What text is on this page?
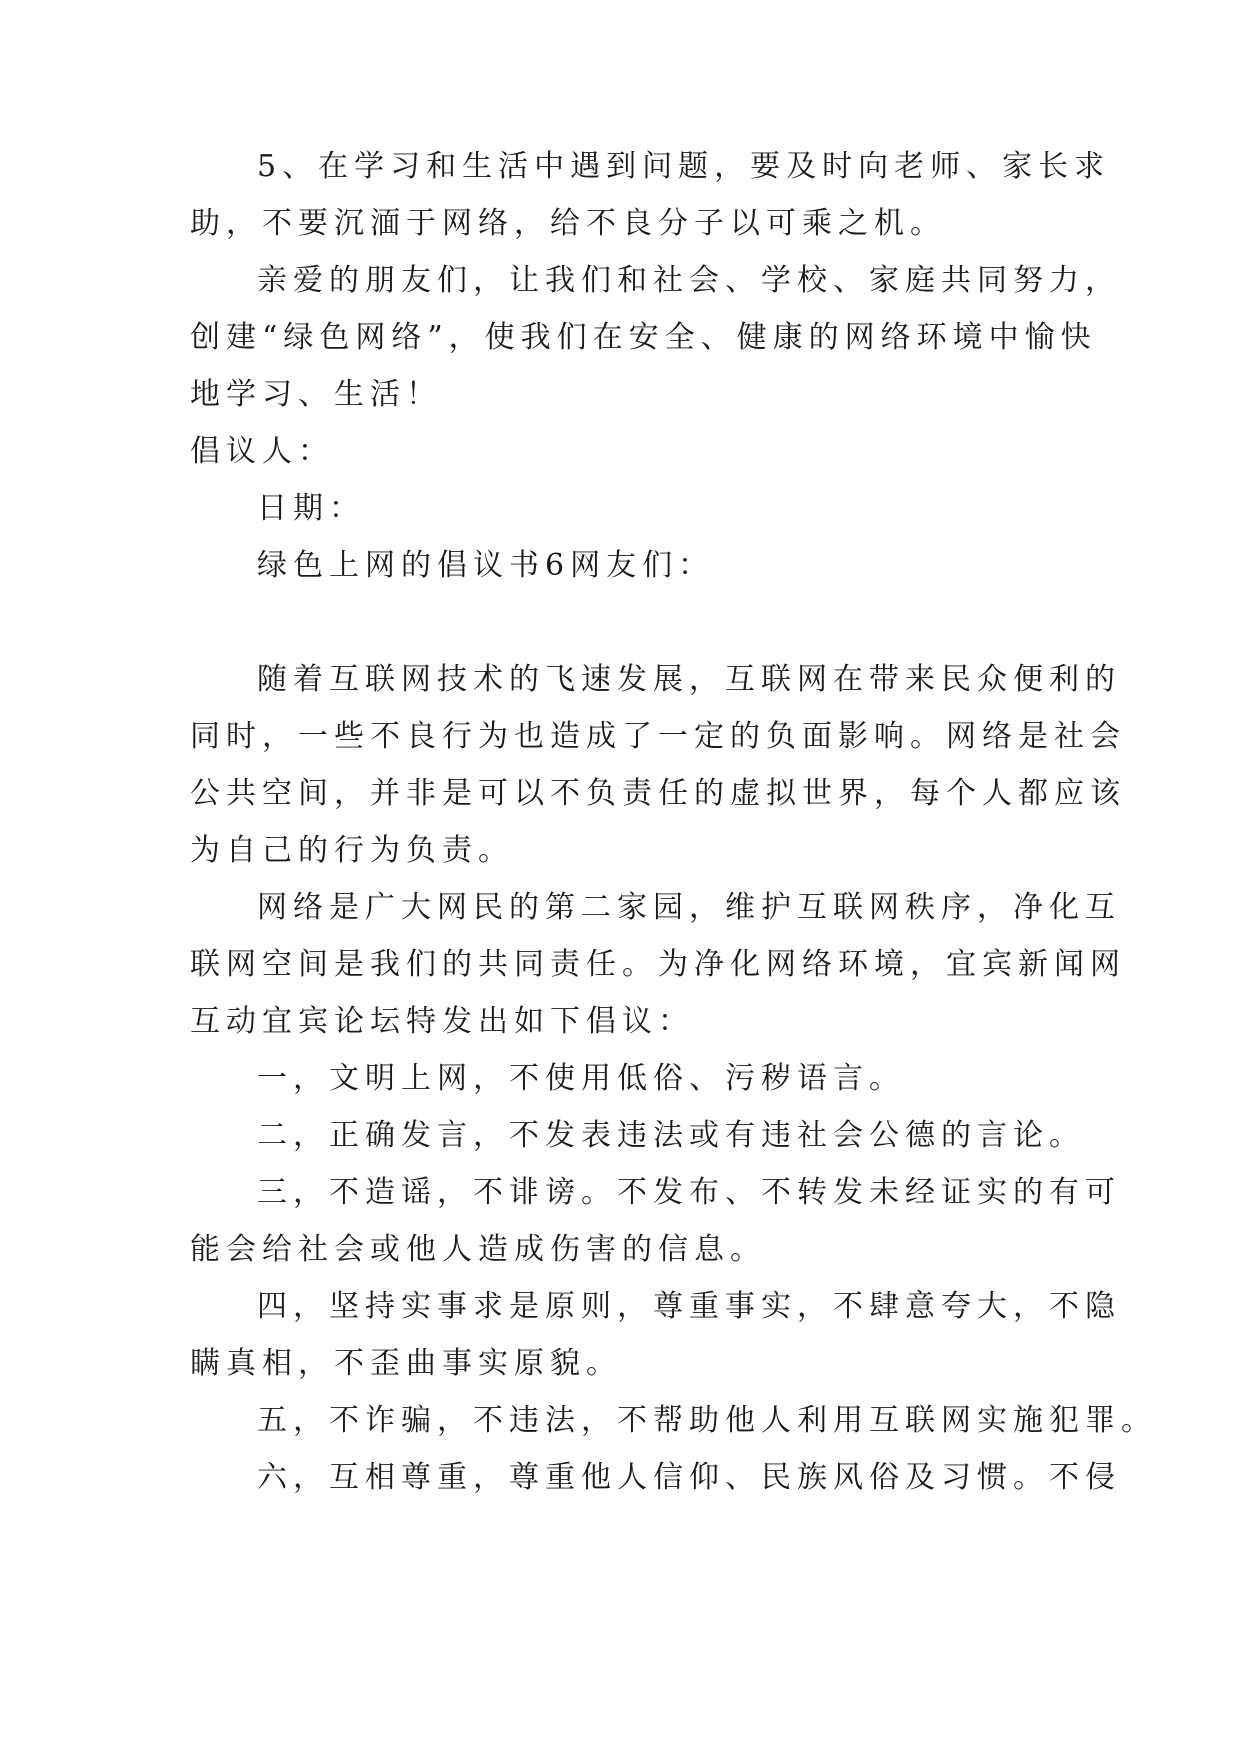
5、在学习和生活中遇到问题，要及时向老师、家长求
助，不要沉湎于网络，给不良分子以可乘之机。
亲爱的朋友们，让我们和社会、学校、家庭共同努力，
创建“绿色网络”，使我们在安全、健康的网络环境中愉快
地学习、生活！
倡议人：
日期：
绿色上网的倡议书6网友们：
随着互联网技术的飞速发展，互联网在带来民众便利的
同时，一些不良行为也造成了一定的负面影响。网络是社会
公共空间，并非是可以不负责任的虚拟世界，每个人都应该
为自己的行为负责。
网络是广大网民的第二家园，维护互联网秩序，净化互
联网空间是我们的共同责任。为净化网络环境，宜宾新闻网
互动宜宾论坛特发出如下倡议：
一，文明上网，不使用低俗、污秽语言。
二，正确发言，不发表违法或有违社会公德的言论。
三，不造谣，不诽谤。不发布、不转发未经证实的有可
能会给社会或他人造成伤害的信息。
四，坚持实事求是原则，尊重事实，不肆意夸大，不隐
瞒真相，不歪曲事实原貌。
五，不诈骗，不违法，不帮助他人利用互联网实施犯罪。
六，互相尊重，尊重他人信仰、民族风俗及习惯。不侵
